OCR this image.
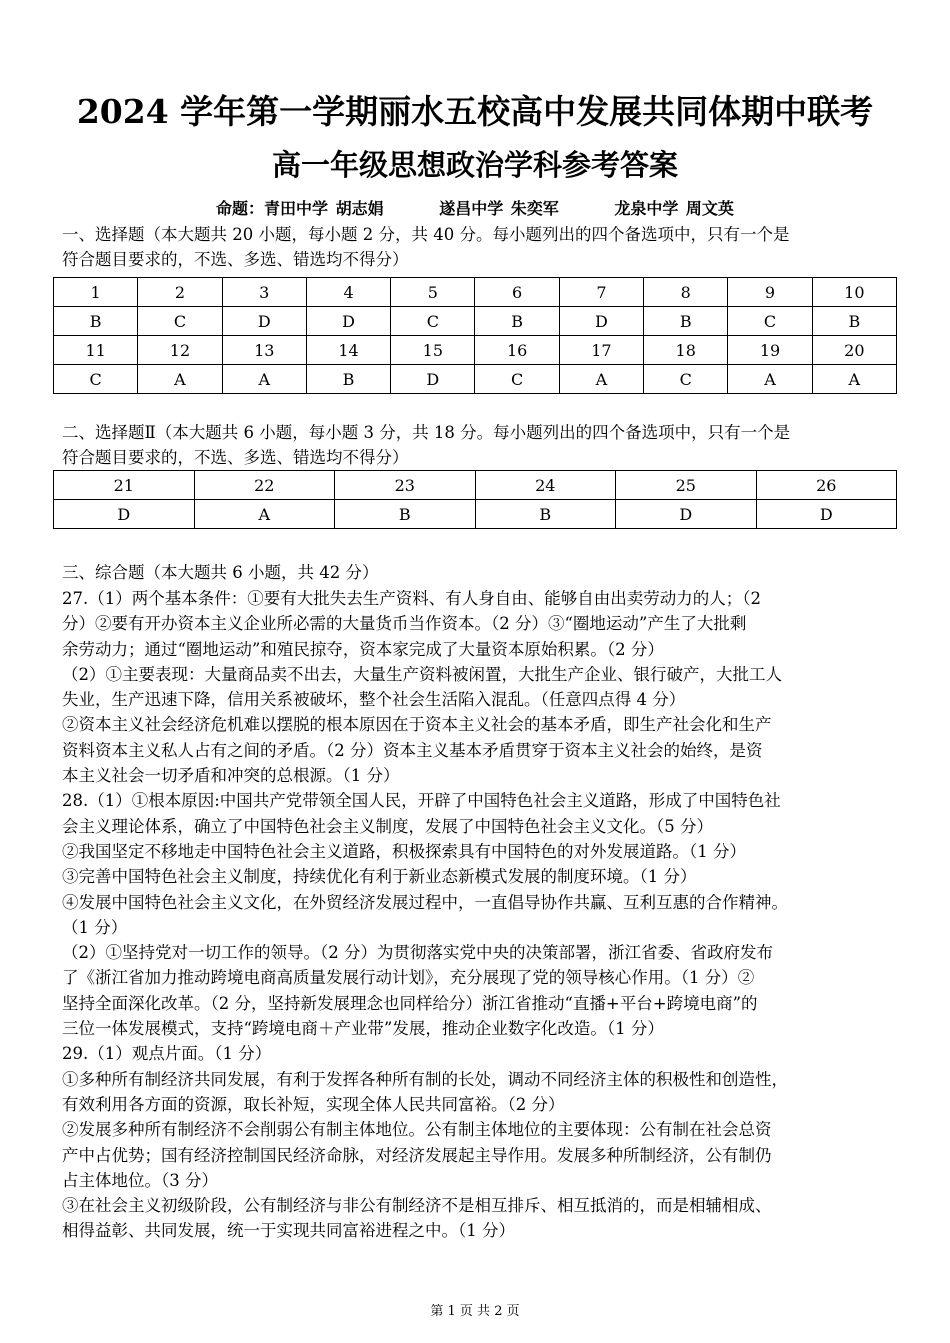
2024 学年第一学期丽水五校高中发展共同体期中联考
高一年级思想政治学科参考答案
命题：青田中学 胡志娟	遂昌中学 朱奕军	龙泉中学 周文英
一、选择题（本大题共 20 小题，每小题 2 分，共 40 分。每小题列出的四个备选项中，只有一个是
符合题目要求的，不选、多选、错选均不得分）
1	2	3	4	5	6	7	8	9	10
B	C	D	D	C	B	D	B	C	B
11	12	13	14	15	16	17	18	19	20
C	A	A	B	D	C	A	C	A	A
二、选择题Ⅱ（本大题共 6 小题，每小题 3 分，共 18 分。每小题列出的四个备选项中，只有一个是
符合题目要求的，不选、多选、错选均不得分）
21	22	23	24	25	26
D	A	B	B	D	D
三、综合题（本大题共 6 小题，共 42 分）

27.（1）两个基本条件：①要有大批失去生产资料、有人身自由、能够自由出卖劳动力的人；（2

分）②要有开办资本主义企业所必需的大量货币当作资本。（2 分）③“圈地运动”产生了大批剩

余劳动力；通过“圈地运动”和殖民掠夺，资本家完成了大量资本原始积累。（2 分）

（2）①主要表现：大量商品卖不出去，大量生产资料被闲置，大批生产企业、银行破产，大批工人

失业，生产迅速下降，信用关系被破坏，整个社会生活陷入混乱。（任意四点得 4 分）

②资本主义社会经济危机难以摆脱的根本原因在于资本主义社会的基本矛盾，即生产社会化和生产

资料资本主义私人占有之间的矛盾。（2 分）资本主义基本矛盾贯穿于资本主义社会的始终，是资

本主义社会一切矛盾和冲突的总根源。（1 分）

28.（1）①根本原因:中国共产党带领全国人民，开辟了中国特色社会主义道路，形成了中国特色社

会主义理论体系，确立了中国特色社会主义制度，发展了中国特色社会主义文化。（5 分）

②我国坚定不移地走中国特色社会主义道路，积极探索具有中国特色的对外发展道路。（1 分）

③完善中国特色社会主义制度，持续优化有利于新业态新模式发展的制度环境。（1 分）

④发展中国特色社会主义文化，在外贸经济发展过程中，一直倡导协作共赢、互利互惠的合作精神。

（1 分）

（2）①坚持党对一切工作的领导。（2 分）为贯彻落实党中央的决策部署，浙江省委、省政府发布

了《浙江省加力推动跨境电商高质量发展行动计划》，充分展现了党的领导核心作用。（1 分）②

坚持全面深化改革。（2 分，坚持新发展理念也同样给分）浙江省推动“直播+平台+跨境电商”的

三位一体发展模式，支持“跨境电商＋产业带”发展，推动企业数字化改造。（1 分）

29.（1）观点片面。（1 分）

①多种所有制经济共同发展，有利于发挥各种所有制的长处，调动不同经济主体的积极性和创造性，

有效利用各方面的资源，取长补短，实现全体人民共同富裕。（2 分）

②发展多种所有制经济不会削弱公有制主体地位。公有制主体地位的主要体现：公有制在社会总资

产中占优势；国有经济控制国民经济命脉，对经济发展起主导作用。发展多种所制经济，公有制仍

占主体地位。（3 分）

③在社会主义初级阶段，公有制经济与非公有制经济不是相互排斥、相互抵消的，而是相辅相成、

相得益彰、共同发展，统一于实现共同富裕进程之中。（1 分）

第 1 页 共 2 页
